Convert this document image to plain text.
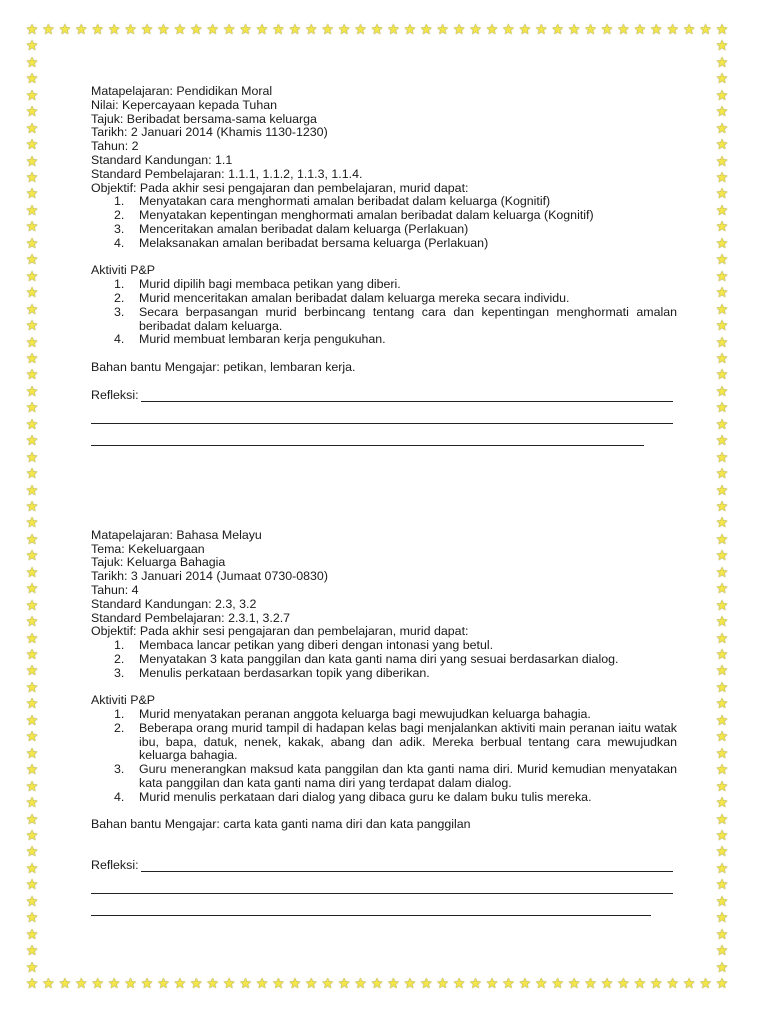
★
★
★
★
★
★
★
★
★
★
★
★
★
★
★
★
★
★
★
★
★
★
★
★
★
★
★
★
★
★
★
★
★
★
★
★
★
★
★
★
★
★
★
★
★
★
★
★
★
★
★
★
★
★
★
★
★
★
★
★
★
★
★
★
★
★
★
★
★
★
★
★
★
★
★
★
★
★
★
★
★
★
★
★
★
★
★	★
★	★
★	★
★	★
★	★
★	★
★	★
★	★
★	★
★	★
★	★
★	★
★	★
★	★
★	★
★	★
★	★
★	★
★	★
★	★
★	★
★	★
★	★
★	★
★	★
★	★
★	★
★	★
★	★
★	★
★	★
★	★
★	★
★	★
★	★
★	★
★	★
★	★
★	★
★	★
★	★
★	★
★	★
★	★
★	★
★	★
★	★
★	★
★	★
★	★
★	★
★	★
★	★
★	★
★	★
★	★
★	★
Matapelajaran: Pendidikan Moral
Nilai: Kepercayaan kepada Tuhan
Tajuk: Beribadat bersama-sama keluarga
Tarikh: 2 Januari 2014 (Khamis 1130-1230)
Tahun: 2
Standard Kandungan: 1.1
Standard Pembelajaran: 1.1.1, 1.1.2, 1.1.3, 1.1.4.
Objektif: Pada akhir sesi pengajaran dan pembelajaran, murid dapat:
1. Menyatakan cara menghormati amalan beribadat dalam keluarga (Kognitif)
2. Menyatakan kepentingan menghormati amalan beribadat dalam keluarga (Kognitif)
3. Menceritakan amalan beribadat dalam keluarga (Perlakuan)
4. Melaksanakan amalan beribadat bersama keluarga (Perlakuan)
Aktiviti P&P
1. Murid dipilih bagi membaca petikan yang diberi.
2. Murid menceritakan amalan beribadat dalam keluarga mereka secara individu.
3. Secara berpasangan murid berbincang tentang cara dan kepentingan menghormati amalan beribadat dalam keluarga.
4. Murid membuat lembaran kerja pengukuhan.
Bahan bantu Mengajar: petikan, lembaran kerja.
Refleksi:
Matapelajaran: Bahasa Melayu
Tema: Kekeluargaan
Tajuk: Keluarga Bahagia
Tarikh: 3 Januari 2014 (Jumaat 0730-0830)
Tahun: 4
Standard Kandungan: 2.3, 3.2
Standard Pembelajaran: 2.3.1, 3.2.7
Objektif: Pada akhir sesi pengajaran dan pembelajaran, murid dapat:
1. Membaca lancar petikan yang diberi dengan intonasi yang betul.
2. Menyatakan 3 kata panggilan dan kata ganti nama diri yang sesuai berdasarkan dialog.
3. Menulis perkataan berdasarkan topik yang diberikan.
Aktiviti P&P
1. Murid menyatakan peranan anggota keluarga bagi mewujudkan keluarga bahagia.
2. Beberapa orang murid tampil di hadapan kelas bagi menjalankan aktiviti main peranan iaitu watak ibu, bapa, datuk, nenek, kakak, abang dan adik. Mereka berbual tentang cara mewujudkan keluarga bahagia.
3. Guru menerangkan maksud kata panggilan dan kta ganti nama diri. Murid kemudian menyatakan kata panggilan dan kata ganti nama diri yang terdapat dalam dialog.
4. Murid menulis perkataan dari dialog yang dibaca guru ke dalam buku tulis mereka.
Bahan bantu Mengajar: carta kata ganti nama diri dan kata panggilan
Refleksi:
